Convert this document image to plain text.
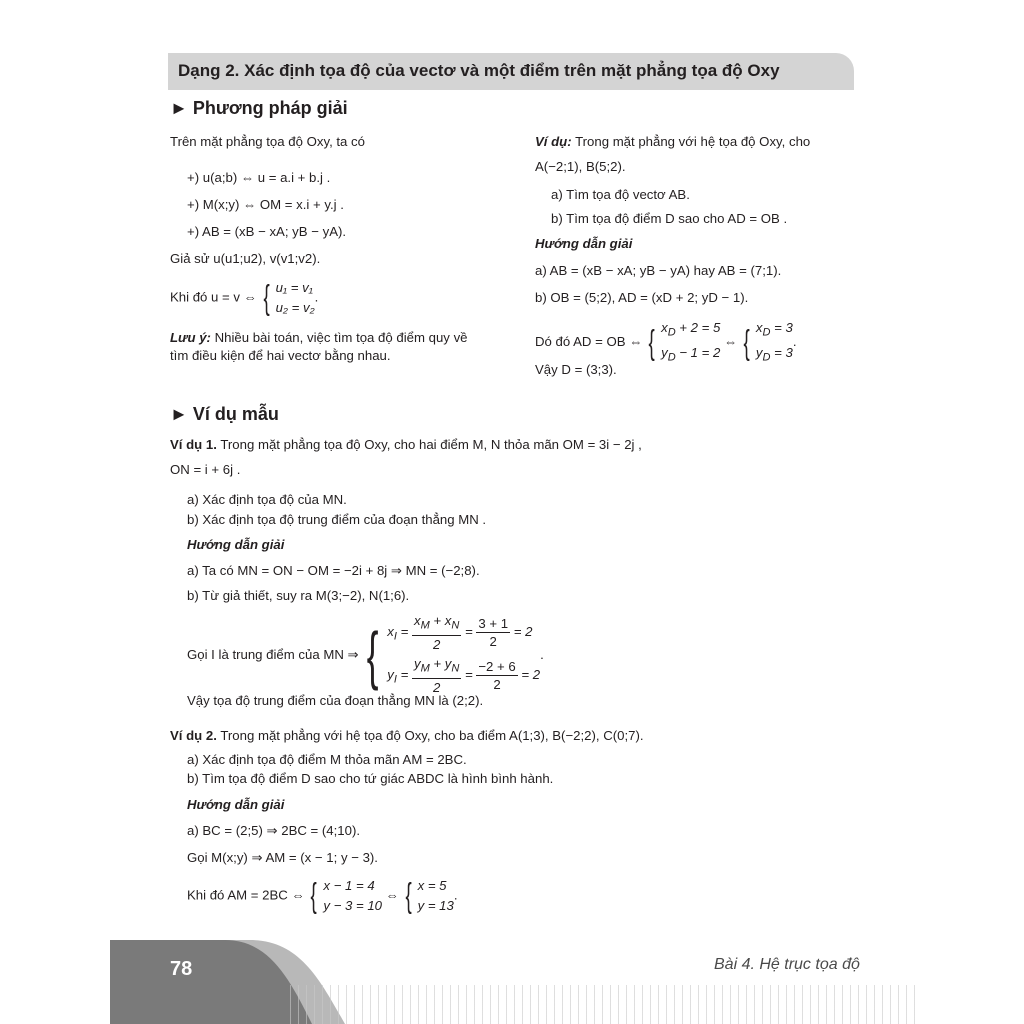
Dạng 2. Xác định tọa độ của vectơ và một điểm trên mặt phẳng tọa độ Oxy
► Phương pháp giải
Trên mặt phẳng tọa độ Oxy, ta có
+) u(a;b) ⇔ u = a.i + b.j .
+) M(x;y) ⇔ OM = x.i + y.j .
+) AB = (xB − xA; yB − yA).
Giả sử u(u1;u2), v(v1;v2).
Khi đó u = v ⇔ { u₁ = v₁
u₂ = v₂.
Lưu ý: Nhiều bài toán, việc tìm tọa độ điểm quy về
tìm điều kiện để hai vectơ bằng nhau.
Ví dụ: Trong mặt phẳng với hệ tọa độ Oxy, cho
A(−2;1), B(5;2).
a) Tìm tọa độ vectơ AB.
b) Tìm tọa độ điểm D sao cho AD = OB .
Hướng dẫn giải
a) AB = (xB − xA; yB − yA) hay AB = (7;1).
b) OB = (5;2), AD = (xD + 2; yD − 1).
Dó đó AD = OB ⇔ { $x_D + 2 = 5$
$y_D - 1 = 2$ ⇔ { $x_D = 3$
$y_D = 3$.
Vậy D = (3;3).
► Ví dụ mẫu
Ví dụ 1. Trong mặt phẳng tọa độ Oxy, cho hai điểm M, N thỏa mãn OM = 3i − 2j ,
ON = i + 6j .
a) Xác định tọa độ của MN.
b) Xác định tọa độ trung điểm của đoạn thẳng MN .
Hướng dẫn giải
a) Ta có MN = ON − OM = −2i + 8j ⇒ MN = (−2;8).
b) Từ giả thiết, suy ra M(3;−2), N(1;6).
Gọi I là trung điểm của MN ⇒ { $x_I = \frac{x_M + x_N}{2} = \frac{3 + 1}{2} = 2$
$y_I = \frac{y_M + y_N}{2} = \frac{-2 + 6}{2} = 2$.
Vậy tọa độ trung điểm của đoạn thẳng MN là (2;2).
Ví dụ 2. Trong mặt phẳng với hệ tọa độ Oxy, cho ba điểm A(1;3), B(−2;2), C(0;7).
a) Xác định tọa độ điểm M thỏa mãn AM = 2BC.
b) Tìm tọa độ điểm D sao cho tứ giác ABDC là hình bình hành.
Hướng dẫn giải
a) BC = (2;5) ⇒ 2BC = (4;10).
Gọi M(x;y) ⇒ AM = (x − 1; y − 3).
Khi đó AM = 2BC ⇔ { x − 1 = 4
y − 3 = 10 ⇔ { x = 5
y = 13.
78	Bài 4. Hệ trục tọa độ
